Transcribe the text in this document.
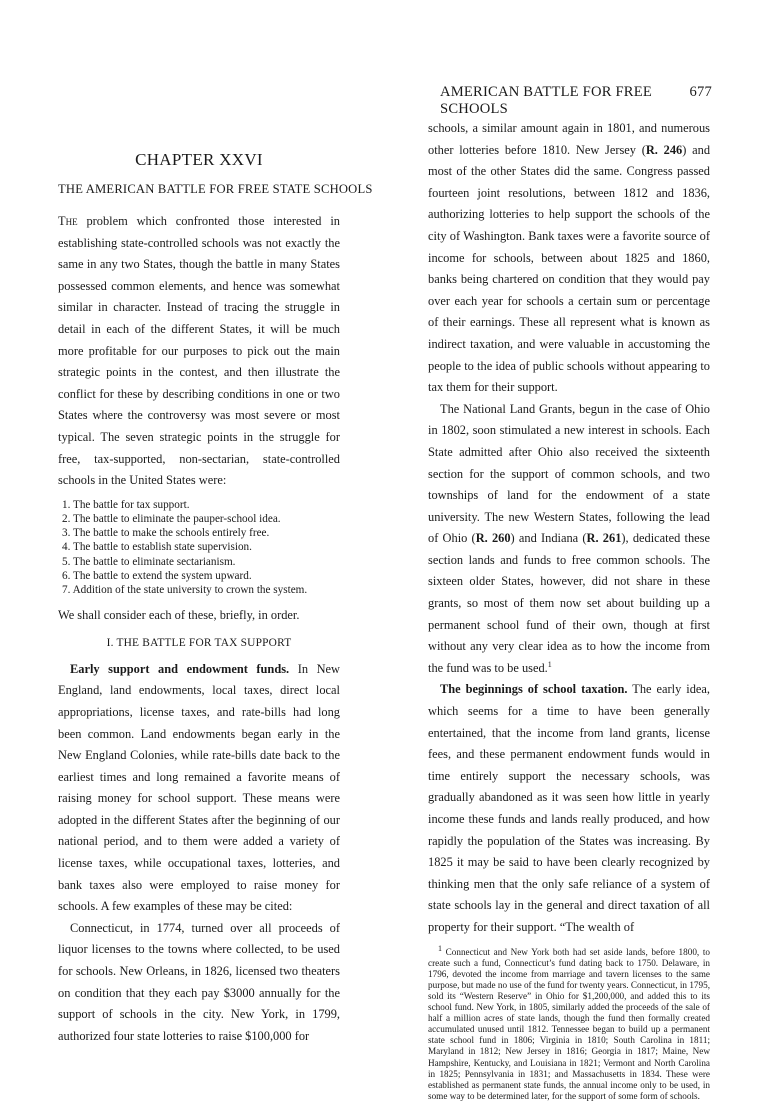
CHAPTER XXVI
THE AMERICAN BATTLE FOR FREE STATE SCHOOLS

The problem which confronted those interested in establishing state-controlled schools was not exactly the same in any two States, though the battle in many States possessed common elements, and hence was somewhat similar in character. Instead of tracing the struggle in detail in each of the different States, it will be much more profitable for our purposes to pick out the main strategic points in the contest, and then illustrate the conflict for these by describing conditions in one or two States where the controversy was most severe or most typical. The seven strategic points in the struggle for free, tax-supported, non-sectarian, state-controlled schools in the United States were:

1. The battle for tax support.
2. The battle to eliminate the pauper-school idea.
3. The battle to make the schools entirely free.
4. The battle to establish state supervision.
5. The battle to eliminate sectarianism.
6. The battle to extend the system upward.
7. Addition of the state university to crown the system.

We shall consider each of these, briefly, in order.

I. THE BATTLE FOR TAX SUPPORT

Early support and endowment funds. In New England, land endowments, local taxes, direct local appropriations, license taxes, and rate-bills had long been common. Land endowments began early in the New England Colonies, while rate-bills date back to the earliest times and long remained a favorite means of raising money for school support. These means were adopted in the different States after the beginning of our national period, and to them were added a variety of license taxes, while occupational taxes, lotteries, and bank taxes also were employed to raise money for schools. A few examples of these may be cited:

Connecticut, in 1774, turned over all proceeds of liquor licenses to the towns where collected, to be used for schools. New Orleans, in 1826, licensed two theaters on condition that they each pay $3000 annually for the support of schools in the city. New York, in 1799, authorized four state lotteries to raise $100,000 for

AMERICAN BATTLE FOR FREE SCHOOLS
677

schools, a similar amount again in 1801, and numerous other lotteries before 1810. New Jersey (R. 246) and most of the other States did the same. Congress passed fourteen joint resolutions, between 1812 and 1836, authorizing lotteries to help support the schools of the city of Washington. Bank taxes were a favorite source of income for schools, between about 1825 and 1860, banks being chartered on condition that they would pay over each year for schools a certain sum or percentage of their earnings. These all represent what is known as indirect taxation, and were valuable in accustoming the people to the idea of public schools without appearing to tax them for their support.

The National Land Grants, begun in the case of Ohio in 1802, soon stimulated a new interest in schools. Each State admitted after Ohio also received the sixteenth section for the support of common schools, and two townships of land for the endowment of a state university. The new Western States, following the lead of Ohio (R. 260) and Indiana (R. 261), dedicated these section lands and funds to free common schools. The sixteen older States, however, did not share in these grants, so most of them now set about building up a permanent school fund of their own, though at first without any very clear idea as to how the income from the fund was to be used.$^1$

The beginnings of school taxation. The early idea, which seems for a time to have been generally entertained, that the income from land grants, license fees, and these permanent endowment funds would in time entirely support the necessary schools, was gradually abandoned as it was seen how little in yearly income these funds and lands really produced, and how rapidly the population of the States was increasing. By 1825 it may be said to have been clearly recognized by thinking men that the only safe reliance of a system of state schools lay in the general and direct taxation of all property for their support. “The wealth of

$^1$ Connecticut and New York both had set aside lands, before 1800, to create such a fund, Connecticut’s fund dating back to 1750. Delaware, in 1796, devoted the income from marriage and tavern licenses to the same purpose, but made no use of the fund for twenty years. Connecticut, in 1795, sold its “Western Reserve” in Ohio for $1,200,000, and added this to its school fund. New York, in 1805, similarly added the proceeds of the sale of half a million acres of state lands, though the fund then formally created accumulated unused until 1812. Tennessee began to build up a permanent state school fund in 1806; Virginia in 1810; South Carolina in 1811; Maryland in 1812; New Jersey in 1816; Georgia in 1817; Maine, New Hampshire, Kentucky, and Louisiana in 1821; Vermont and North Carolina in 1825; Pennsylvania in 1831; and Massachusetts in 1834. These were established as permanent state funds, the annual income only to be used, in some way to be determined later, for the support of some form of schools.
